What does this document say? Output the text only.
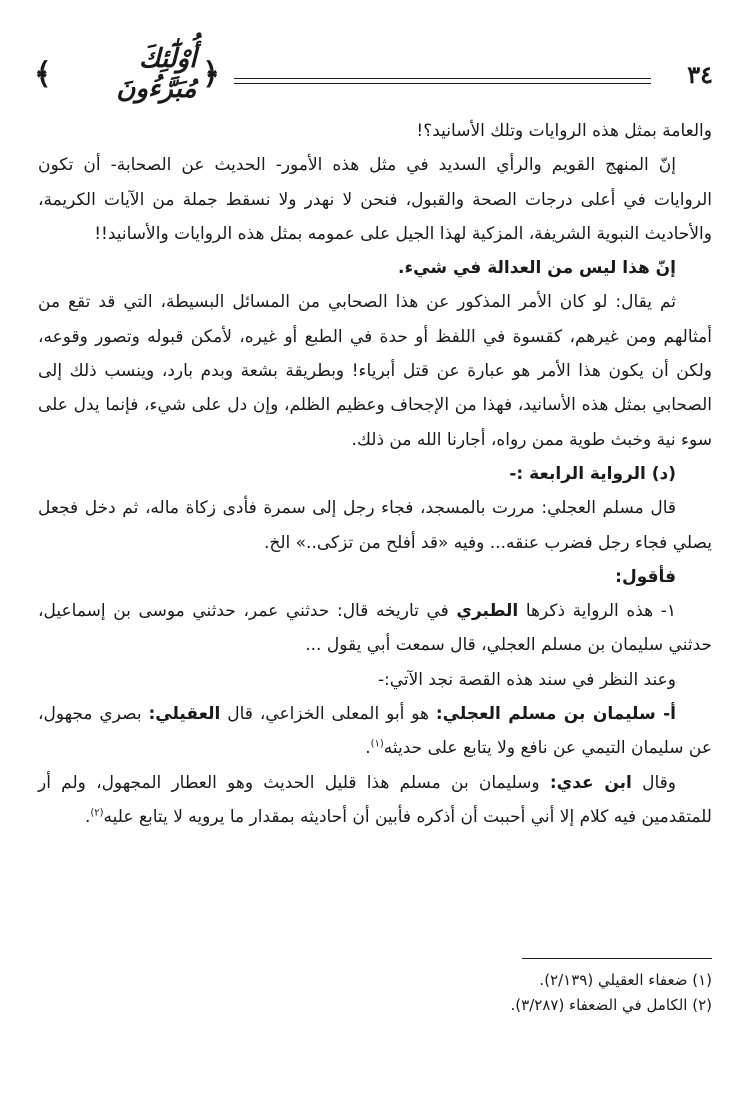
٣٤
﴿
أُوْلَٰٓئِكَ مُبَرَّءُونَ
﴾

والعامة بمثل هذه الروايات وتلك الأسانيد؟!

إنّ المنهج القويم والرأي السديد في مثل هذه الأمور- الحديث عن الصحابة- أن تكون الروايات في أعلى درجات الصحة والقبول، فنحن لا نهدر ولا نسقط جملة من الآيات الكريمة، والأحاديث النبوية الشريفة، المزكية لهذا الجيل على عمومه بمثل هذه الروايات والأسانيد!!

إنّ هذا ليس من العدالة في شيء.

ثم يقال: لو كان الأمر المذكور عن هذا الصحابي من المسائل البسيطة، التي قد تقع من أمثالهم ومن غيرهم، كقسوة في اللفظ أو حدة في الطبع أو غيره، لأمكن قبوله وتصور وقوعه، ولكن أن يكون هذا الأمر هو عبارة عن قتل أبرياء! وبطريقة بشعة وبدم بارد، وينسب ذلك إلى الصحابي بمثل هذه الأسانيد، فهذا من الإجحاف وعظيم الظلم، وإن دل على شيء، فإنما يدل على سوء نية وخبث طوية ممن رواه، أجارنا الله من ذلك.

(د) الرواية الرابعة :-

قال مسلم العجلي: مررت بالمسجد، فجاء رجل إلى سمرة فأدى زكاة ماله، ثم دخل فجعل يصلي فجاء رجل فضرب عنقه... وفيه «قد أفلح من تزكى..» الخ.

فأقول:

١- هذه الرواية ذكرها الطبري في تاريخه قال: حدثني عمر، حدثني موسى بن إسماعيل، حدثني سليمان بن مسلم العجلي، قال سمعت أبي يقول ...

وعند النظر في سند هذه القصة نجد الآتي:-

أ- سليمان بن مسلم العجلي: هو أبو المعلى الخزاعي، قال العقيلي: بصري مجهول، عن سليمان التيمي عن نافع ولا يتابع على حديثه$^{(١)}$.

وقال ابن عدي: وسليمان بن مسلم هذا قليل الحديث وهو العطار المجهول، ولم أر للمتقدمين فيه كلام إلا أني أحببت أن أذكره فأبين أن أحاديثه بمقدار ما يرويه لا يتابع عليه$^{(٢)}$.

(١) ضعفاء العقيلي (٢/١٣٩).

(٢) الكامل في الضعفاء (٣/٢٨٧).
